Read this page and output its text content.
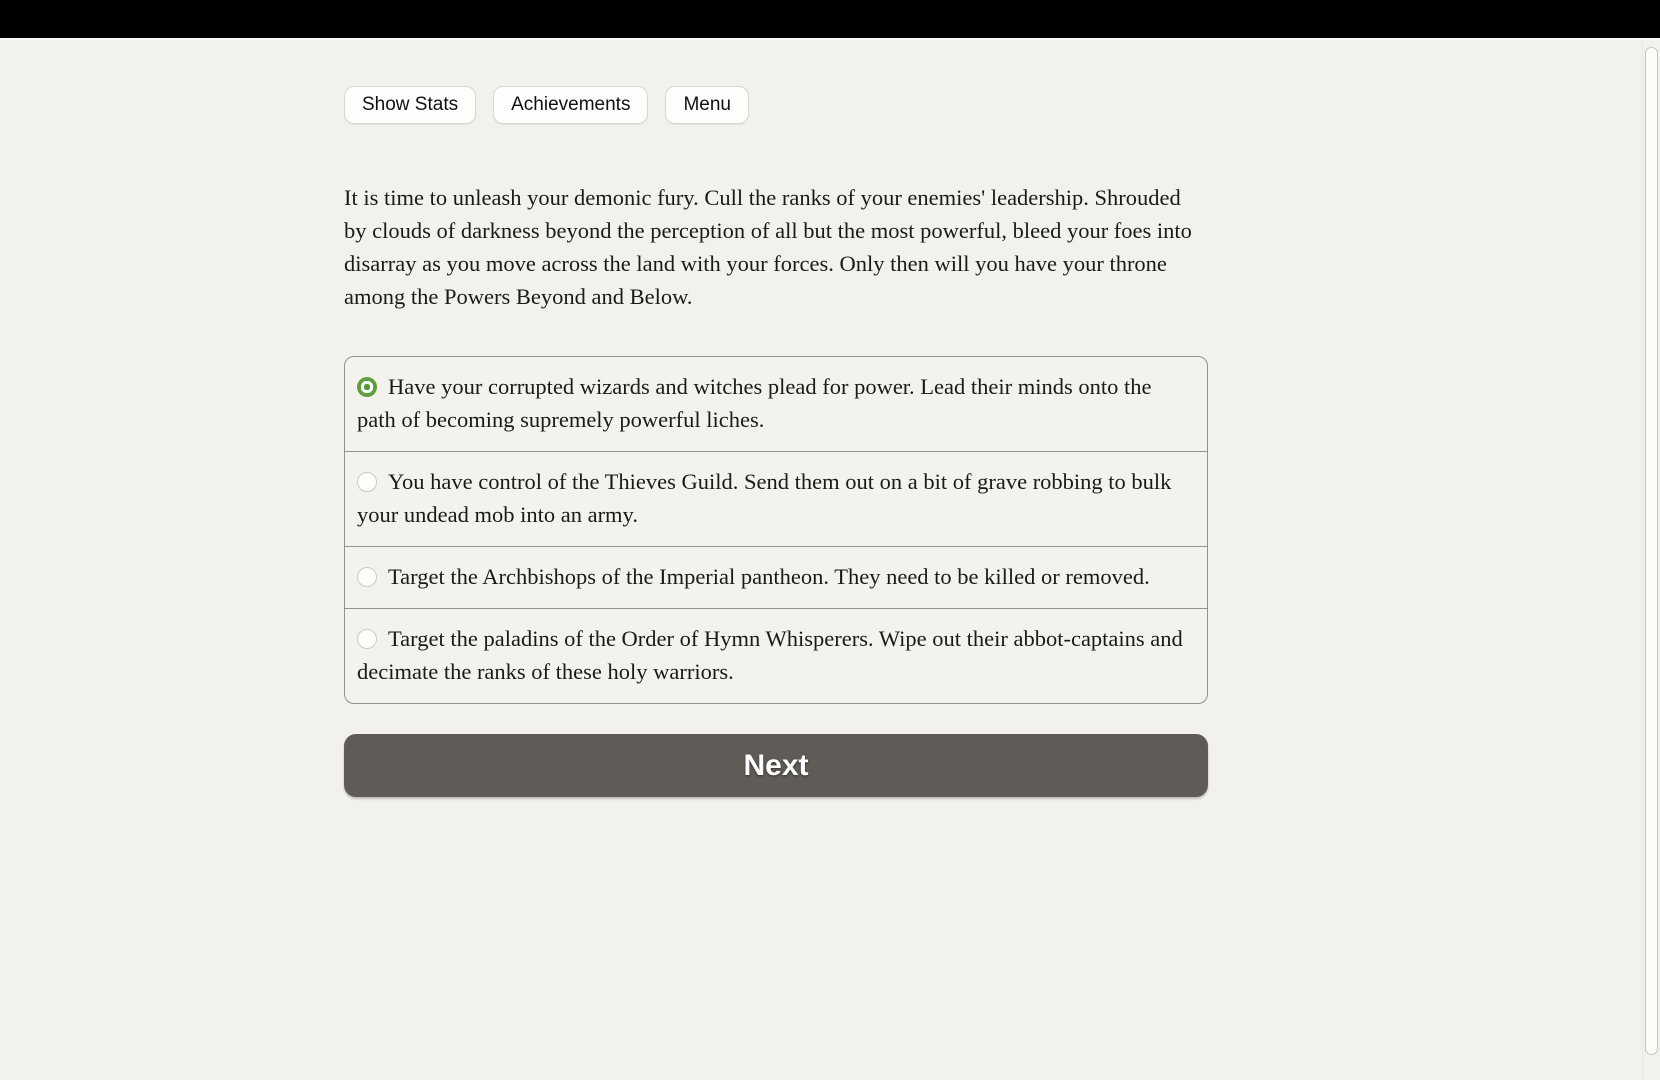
Show Stats	Achievements	Menu

It is time to unleash your demonic fury. Cull the ranks of your enemies' leadership. Shrouded by clouds of darkness beyond the perception of all but the most powerful, bleed your foes into disarray as you move across the land with your forces. Only then will you have your throne among the Powers Beyond and Below.

Have your corrupted wizards and witches plead for power. Lead their minds onto the path of becoming supremely powerful liches.
You have control of the Thieves Guild. Send them out on a bit of grave robbing to bulk your undead mob into an army.
Target the Archbishops of the Imperial pantheon. They need to be killed or removed.
Target the paladins of the Order of Hymn Whisperers. Wipe out their abbot-captains and decimate the ranks of these holy warriors.
Next
